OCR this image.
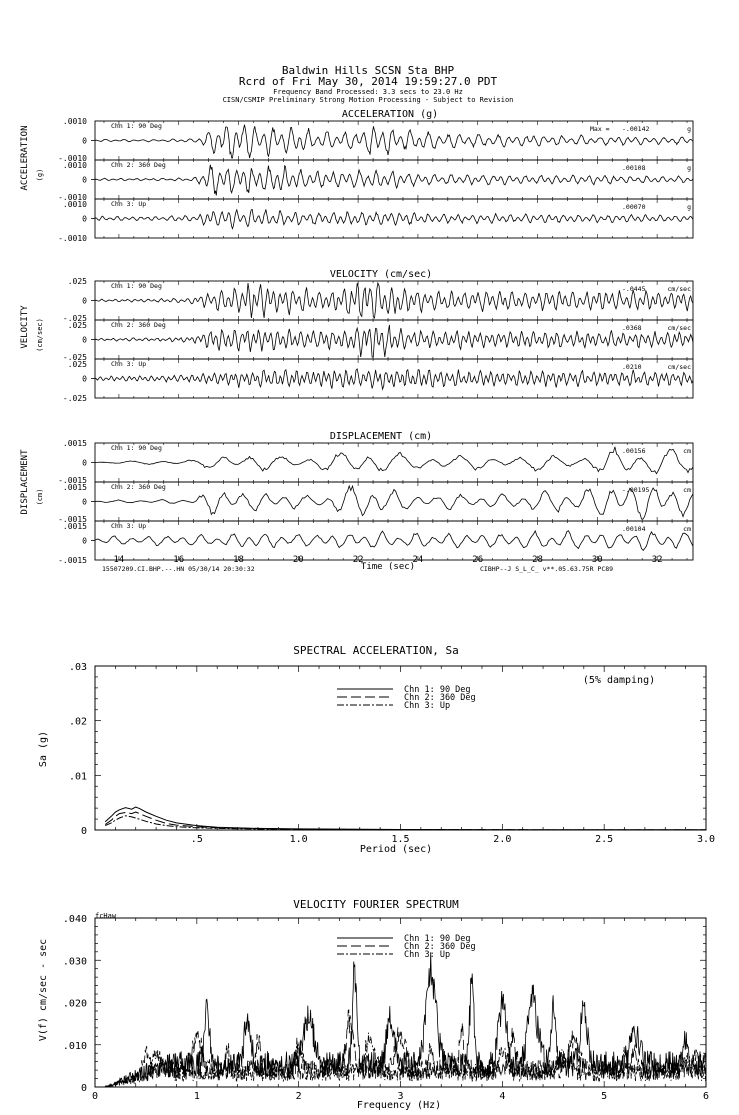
Baldwin Hills SCSN Sta BHP
Rcrd of Fri May 30, 2014 19:59:27.0 PDT
Frequency Band Processed: 3.3 secs to 23.0 Hz
CISN/CSMIP Preliminary Strong Motion Processing - Subject to Revision
ACCELERATION (g)
VELOCITY (cm/sec)
DISPLACEMENT (cm)
ACCELERATION (g)
VELOCITY (cm/sec)
DISPLACEMENT (cm)
Time (sec)
15507209.CI.BHP.--.HN 05/30/14 20:30:32	CIBHP--J S_L_C_ v**.05.63.75R PC89
SPECTRAL ACCELERATION, Sa
Period (sec)
Sa (g)
(5% damping)
Chn 1: 90 Deg
Chn 2: 360 Deg
Chn 3: Up
VELOCITY FOURIER SPECTRUM
Frequency (Hz)
V(f) cm/sec - sec
fcHaw
Chn 1: 90 Deg
Chn 2: 360 Deg
Chn 3: Up
0
.0010
-.0010
.0010
Chn 1: 90 Deg	Max = -.00142	g
0
-.0010
.0010
Chn 2: 360 Deg	.00108	g
0
-.0010
Chn 3: Up	.00070	g
0
.025
-.025
.025
Chn 1: 90 Deg	-.0445	cm/sec
0
-.025
.025
Chn 2: 360 Deg	.0368	cm/sec
0
-.025
Chn 3: Up	.0210	cm/sec
0
.0015
-.0015
.0015
Chn 1: 90 Deg	.00156	cm
0
-.0015
.0015
Chn 2: 360 Deg	-.00195	cm
0
-.0015
Chn 3: Up	.00104	cm
14	16	18	20	22	24	26	28	30	32
.5	1.0	1.5	2.0	2.5	3.0
0
.01
.02
.03
0	1	2	3	4	5	6
0
.010
.020
.030
.040
